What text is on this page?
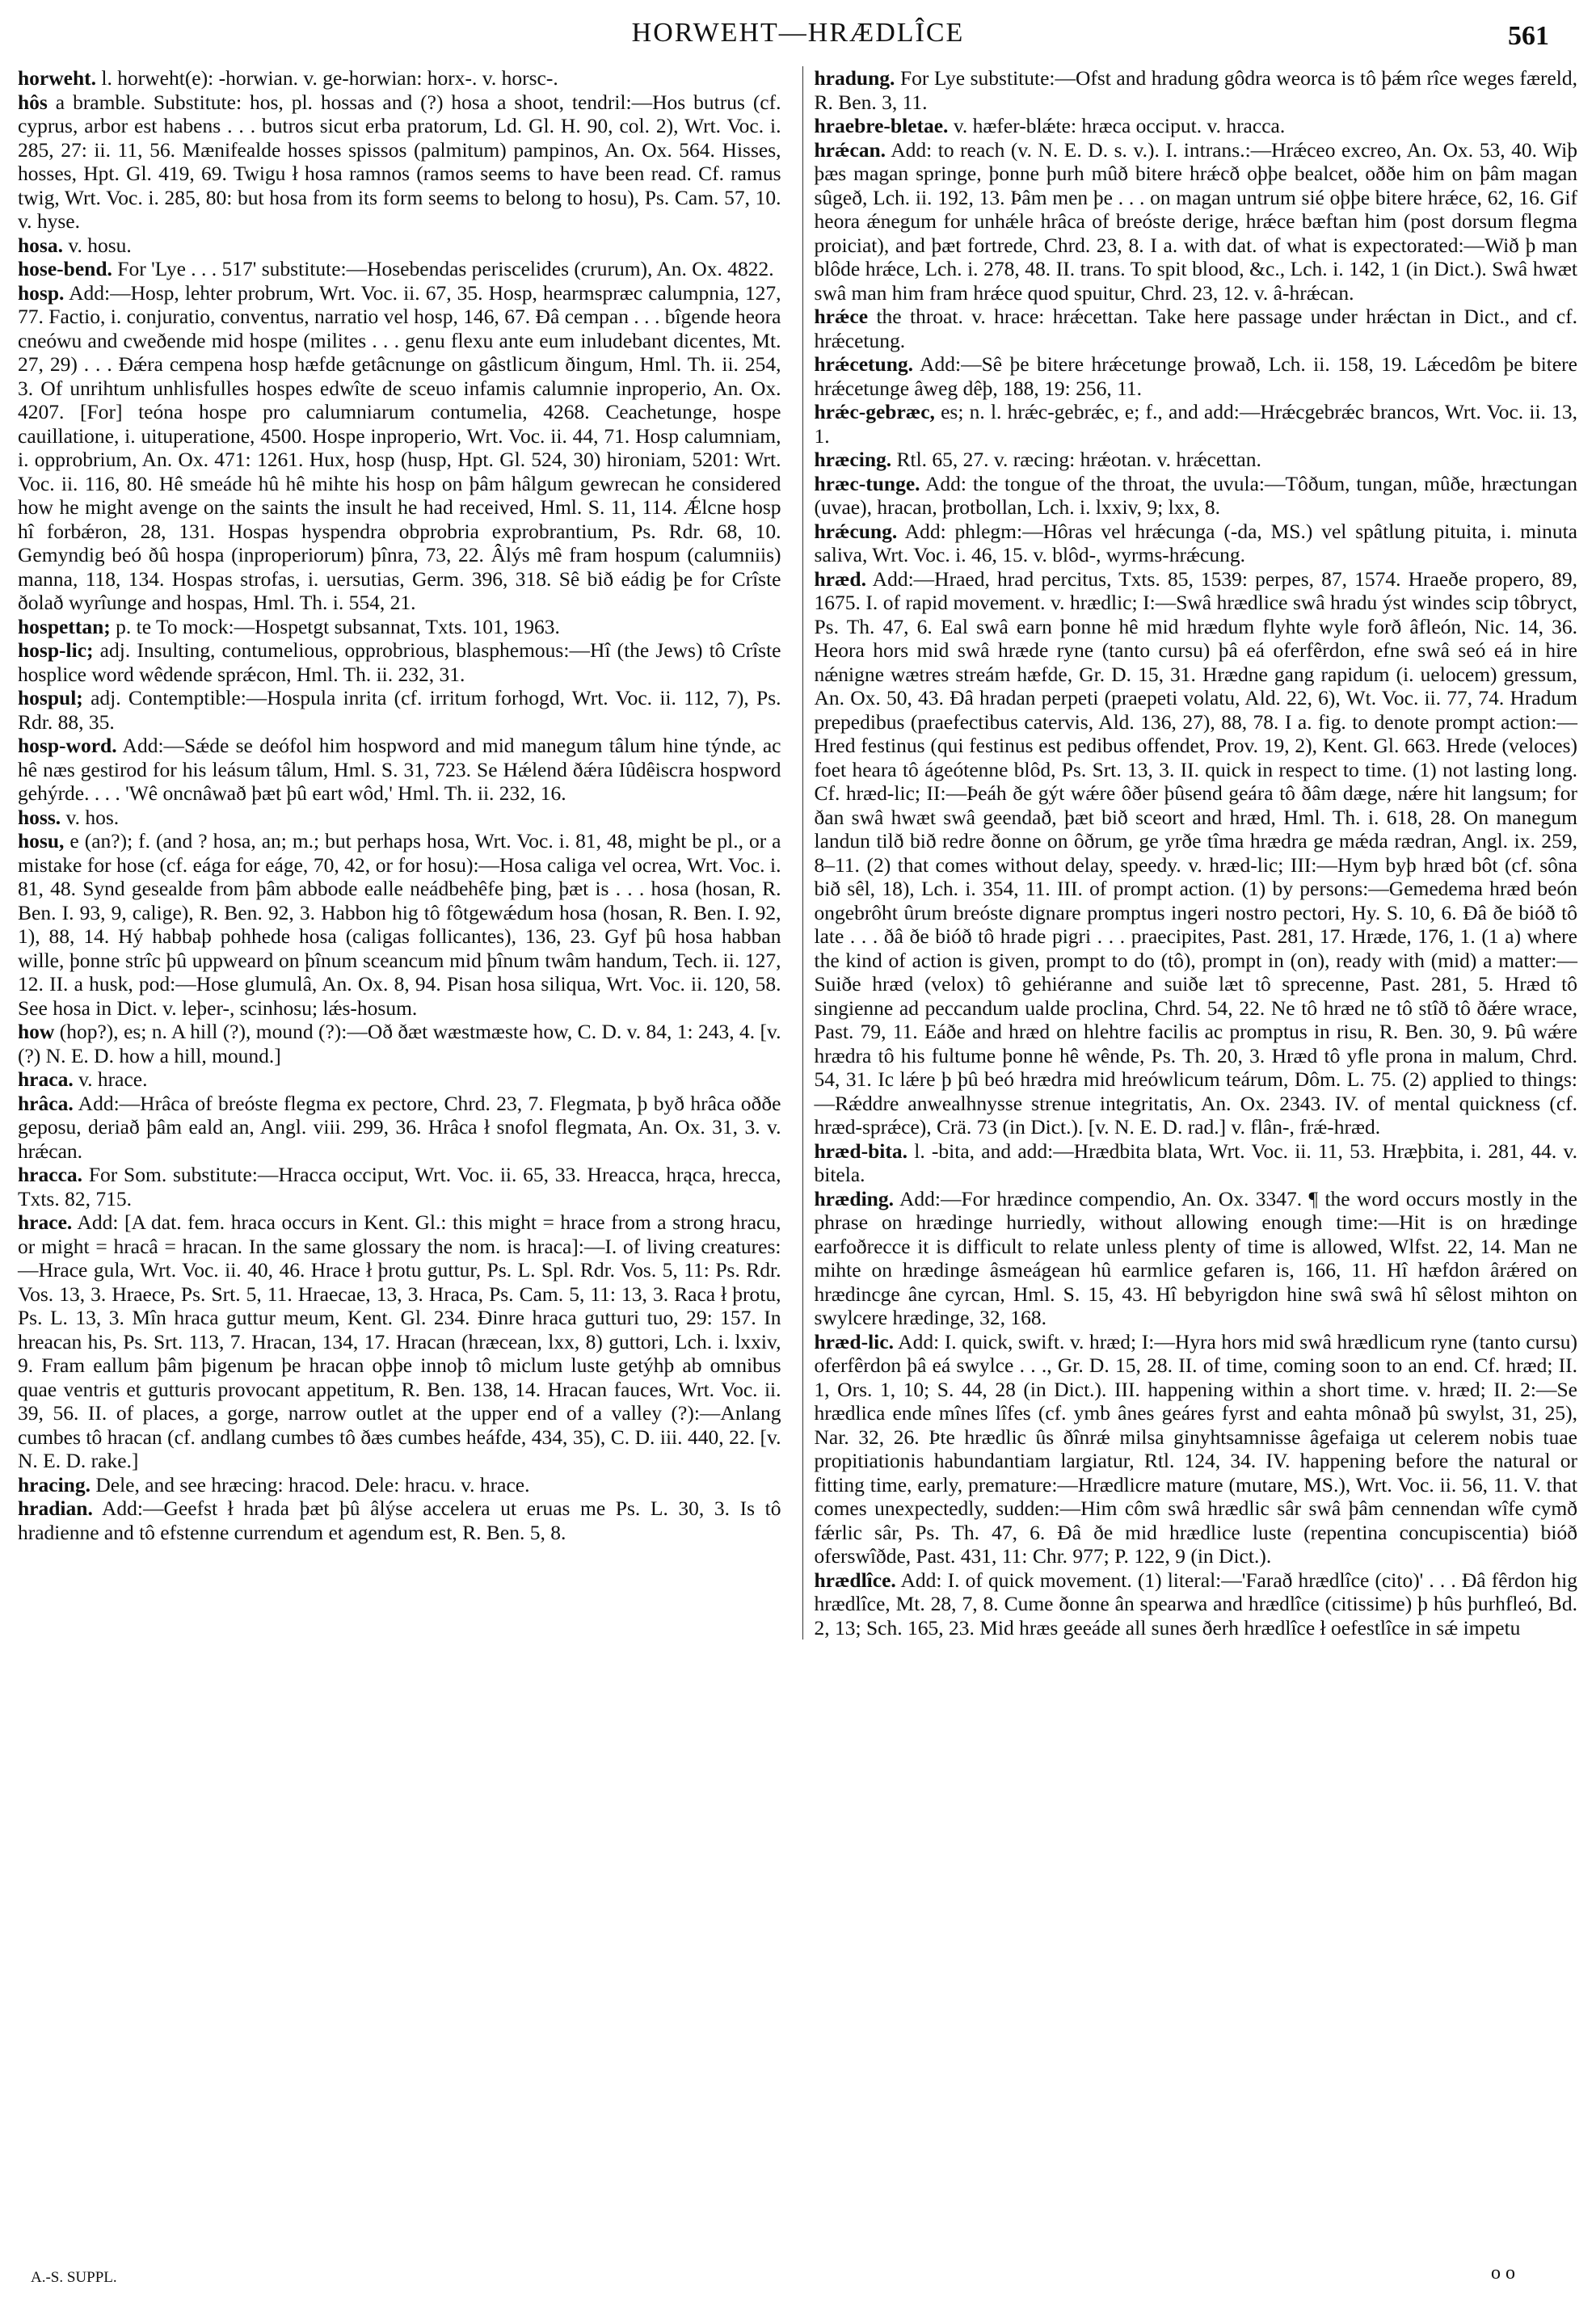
HORWEHT—HRÆDLÎCE	561

horweht. l. horweht(e): -horwian. v. ge-horwian: horx-. v. horsc-.

hôs a bramble. Substitute: hos, pl. hossas and (?) hosa a shoot, tendril:—Hos butrus (cf. cyprus, arbor est habens . . . butros sicut erba pratorum, Ld. Gl. H. 90, col. 2), Wrt. Voc. i. 285, 27: ii. 11, 56. Mænifealde hosses spissos (palmitum) pampinos, An. Ox. 564. Hisses, hosses, Hpt. Gl. 419, 69. Twigu ł hosa ramnos (ramos seems to have been read. Cf. ramus twig, Wrt. Voc. i. 285, 80: but hosa from its form seems to belong to hosu), Ps. Cam. 57, 10. v. hyse.

hosa. v. hosu.

hose-bend. For 'Lye . . . 517' substitute:—Hosebendas periscelides (crurum), An. Ox. 4822.

hosp. Add:—Hosp, lehter probrum, Wrt. Voc. ii. 67, 35. Hosp, hearmspræc calumpnia, 127, 77. Factio, i. conjuratio, conventus, narratio vel hosp, 146, 67. Ðâ cempan . . . bîgende heora cneówu and cweðende mid hospe (milites . . . genu flexu ante eum inludebant dicentes, Mt. 27, 29) . . . Ðǽra cempena hosp hæfde getâcnunge on gâstlicum ðingum, Hml. Th. ii. 254, 3. Of unrihtum unhlisfulles hospes edwîte de sceuo infamis calumnie inproperio, An. Ox. 4207. [For] teóna hospe pro calumniarum contumelia, 4268. Ceachetunge, hospe cauillatione, i. uituperatione, 4500. Hospe inproperio, Wrt. Voc. ii. 44, 71. Hosp calumniam, i. opprobrium, An. Ox. 471: 1261. Hux, hosp (husp, Hpt. Gl. 524, 30) hironiam, 5201: Wrt. Voc. ii. 116, 80. Hê smeáde hû hê mihte his hosp on þâm hâlgum gewrecan he considered how he might avenge on the saints the insult he had received, Hml. S. 11, 114. Ǽlcne hosp hî forbǽron, 28, 131. Hospas hyspendra obprobria exprobrantium, Ps. Rdr. 68, 10. Gemyndig beó ðû hospa (inproperiorum) þînra, 73, 22. Âlýs mê fram hospum (calumniis) manna, 118, 134. Hospas strofas, i. uersutias, Germ. 396, 318. Sê bið eádig þe for Crîste ðolað wyrîunge and hospas, Hml. Th. i. 554, 21.

hospettan; p. te To mock:—Hospetgt subsannat, Txts. 101, 1963.

hosp-lic; adj. Insulting, contumelious, opprobrious, blasphemous:—Hî (the Jews) tô Crîste hosplice word wêdende sprǽcon, Hml. Th. ii. 232, 31.

hospul; adj. Contemptible:—Hospula inrita (cf. irritum forhogd, Wrt. Voc. ii. 112, 7), Ps. Rdr. 88, 35.

hosp-word. Add:—Sǽde se deófol him hospword and mid manegum tâlum hine týnde, ac hê næs gestirod for his leásum tâlum, Hml. S. 31, 723. Se Hǽlend ðǽra Iûdêiscra hospword gehýrde. . . . 'Wê oncnâwað þæt þû eart wôd,' Hml. Th. ii. 232, 16.

hoss. v. hos.

hosu, e (an?); f. (and ? hosa, an; m.; but perhaps hosa, Wrt. Voc. i. 81, 48, might be pl., or a mistake for hose (cf. eága for eáge, 70, 42, or for hosu):—Hosa caliga vel ocrea, Wrt. Voc. i. 81, 48. Synd gesealde from þâm abbode ealle neádbehêfe þing, þæt is . . . hosa (hosan, R. Ben. I. 93, 9, calige), R. Ben. 92, 3. Habbon hig tô fôtgewǽdum hosa (hosan, R. Ben. I. 92, 1), 88, 14. Hý habbaþ pohhede hosa (caligas follicantes), 136, 23. Gyf þû hosa habban wille, þonne strîc þû uppweard on þînum sceancum mid þînum twâm handum, Tech. ii. 127, 12. II. a husk, pod:—Hose glumulâ, An. Ox. 8, 94. Pisan hosa siliqua, Wrt. Voc. ii. 120, 58. See hosa in Dict. v. leþer-, scinhosu; lǽs-hosum.

how (hop?), es; n. A hill (?), mound (?):—Oð ðæt wæstmæste how, C. D. v. 84, 1: 243, 4. [v. (?) N. E. D. how a hill, mound.]

hraca. v. hrace.

hrâca. Add:—Hrâca of breóste flegma ex pectore, Chrd. 23, 7. Flegmata, þ byð hrâca oððe geposu, deriað þâm eald an, Angl. viii. 299, 36. Hrâca ł snofol flegmata, An. Ox. 31, 3. v. hrǽcan.

hracca. For Som. substitute:—Hracca occiput, Wrt. Voc. ii. 65, 33. Hreacca, hrąca, hrecca, Txts. 82, 715.

hrace. Add: [A dat. fem. hraca occurs in Kent. Gl.: this might = hrace from a strong hracu, or might = hracâ = hracan. In the same glossary the nom. is hraca]:—I. of living creatures:—Hrace gula, Wrt. Voc. ii. 40, 46. Hrace ł þrotu guttur, Ps. L. Spl. Rdr. Vos. 5, 11: Ps. Rdr. Vos. 13, 3. Hraece, Ps. Srt. 5, 11. Hraecae, 13, 3. Hraca, Ps. Cam. 5, 11: 13, 3. Raca ł þrotu, Ps. L. 13, 3. Mîn hraca guttur meum, Kent. Gl. 234. Ðinre hraca gutturi tuo, 29: 157. In hreacan his, Ps. Srt. 113, 7. Hracan, 134, 17. Hracan (hræcean, lxx, 8) guttori, Lch. i. lxxiv, 9. Fram eallum þâm þigenum þe hracan oþþe innoþ tô miclum luste getýhþ ab omnibus quae ventris et gutturis provocant appetitum, R. Ben. 138, 14. Hracan fauces, Wrt. Voc. ii. 39, 56. II. of places, a gorge, narrow outlet at the upper end of a valley (?):—Anlang cumbes tô hracan (cf. andlang cumbes tô ðæs cumbes heáfde, 434, 35), C. D. iii. 440, 22. [v. N. E. D. rake.]

hracing. Dele, and see hræcing: hracod. Dele: hracu. v. hrace.

hradian. Add:—Geefst ł hrada þæt þû âlýse accelera ut eruas me Ps. L. 30, 3. Is tô hradienne and tô efstenne currendum et agendum est, R. Ben. 5, 8.

hradung. For Lye substitute:—Ofst and hradung gôdra weorca is tô þǽm rîce weges færeld, R. Ben. 3, 11.

hraebre-bletae. v. hæfer-blǽte: hræca occiput. v. hracca.

hrǽcan. Add: to reach (v. N. E. D. s. v.). I. intrans.:—Hrǽceo excreo, An. Ox. 53, 40. Wiþ þæs magan springe, þonne þurh mûð bitere hrǽcð oþþe bealcet, oððe him on þâm magan sûgeð, Lch. ii. 192, 13. Þâm men þe . . . on magan untrum sié oþþe bitere hrǽce, 62, 16. Gif heora ǽnegum for unhǽle hrâca of breóste derige, hrǽce bæftan him (post dorsum flegma proiciat), and þæt fortrede, Chrd. 23, 8. I a. with dat. of what is expectorated:—Wið þ man blôde hrǽce, Lch. i. 278, 48. II. trans. To spit blood, &c., Lch. i. 142, 1 (in Dict.). Swâ hwæt swâ man him fram hrǽce quod spuitur, Chrd. 23, 12. v. â-hrǽcan.

hrǽce the throat. v. hrace: hrǽcettan. Take here passage under hrǽctan in Dict., and cf. hrǽcetung.

hrǽcetung. Add:—Sê þe bitere hrǽcetunge þrowað, Lch. ii. 158, 19. Lǽcedôm þe bitere hrǽcetunge âweg dêþ, 188, 19: 256, 11.

hrǽc-gebræc, es; n. l. hrǽc-gebrǽc, e; f., and add:—Hrǽcgebrǽc brancos, Wrt. Voc. ii. 13, 1.

hræcing. Rtl. 65, 27. v. ræcing: hrǽotan. v. hrǽcettan.

hræc-tunge. Add: the tongue of the throat, the uvula:—Tôðum, tungan, mûðe, hræctungan (uvae), hracan, þrotbollan, Lch. i. lxxiv, 9; lxx, 8.

hrǽcung. Add: phlegm:—Hôras vel hrǽcunga (-da, MS.) vel spâtlung pituita, i. minuta saliva, Wrt. Voc. i. 46, 15. v. blôd-, wyrms-hrǽcung.

hræd. Add:—Hraed, hrad percitus, Txts. 85, 1539: perpes, 87, 1574. Hraeðe propero, 89, 1675. I. of rapid movement. v. hrædlic; I:—Swâ hrædlice swâ hradu ýst windes scip tôbryct, Ps. Th. 47, 6. Eal swâ earn þonne hê mid hrædum flyhte wyle forð âfleón, Nic. 14, 36. Heora hors mid swâ hræde ryne (tanto cursu) þâ eá oferfêrdon, efne swâ seó eá in hire nǽnigne wætres streám hæfde, Gr. D. 15, 31. Hrædne gang rapidum (i. uelocem) gressum, An. Ox. 50, 43. Ðâ hradan perpeti (praepeti volatu, Ald. 22, 6), Wt. Voc. ii. 77, 74. Hradum prepedibus (praefectibus catervis, Ald. 136, 27), 88, 78. I a. fig. to denote prompt action:—Hred festinus (qui festinus est pedibus offendet, Prov. 19, 2), Kent. Gl. 663. Hrede (veloces) foet heara tô ágeótenne blôd, Ps. Srt. 13, 3. II. quick in respect to time. (1) not lasting long. Cf. hræd-lic; II:—Þeáh ðe gýt wǽre ôðer þûsend geára tô ðâm dæge, nǽre hit langsum; for ðan swâ hwæt swâ geendað, þæt bið sceort and hræd, Hml. Th. i. 618, 28. On manegum landun tilð bið redre ðonne on ôðrum, ge yrðe tîma hrædra ge mǽda rædran, Angl. ix. 259, 8–11. (2) that comes without delay, speedy. v. hræd-lic; III:—Hym byþ hræd bôt (cf. sôna bið sêl, 18), Lch. i. 354, 11. III. of prompt action. (1) by persons:—Gemedema hræd beón ongebrôht ûrum breóste dignare promptus ingeri nostro pectori, Hy. S. 10, 6. Ðâ ðe bióð tô late . . . ðâ ðe bióð tô hrade pigri . . . praecipites, Past. 281, 17. Hræde, 176, 1. (1 a) where the kind of action is given, prompt to do (tô), prompt in (on), ready with (mid) a matter:—Suiðe hræd (velox) tô gehiéranne and suiðe læt tô sprecenne, Past. 281, 5. Hræd tô singienne ad peccandum ualde proclina, Chrd. 54, 22. Ne tô hræd ne tô stîð tô ðǽre wrace, Past. 79, 11. Eáðe and hræd on hlehtre facilis ac promptus in risu, R. Ben. 30, 9. Þû wǽre hrædra tô his fultume þonne hê wênde, Ps. Th. 20, 3. Hræd tô yfle prona in malum, Chrd. 54, 31. Ic lǽre þ þû beó hrædra mid hreówlicum teárum, Dôm. L. 75. (2) applied to things:—Rǽddre anwealhnysse strenue integritatis, An. Ox. 2343. IV. of mental quickness (cf. hræd-sprǽce), Crä. 73 (in Dict.). [v. N. E. D. rad.] v. flân-, frǽ-hræd.

hræd-bita. l. -bita, and add:—Hrædbita blata, Wrt. Voc. ii. 11, 53. Hræþbita, i. 281, 44. v. bitela.

hræding. Add:—For hrædince compendio, An. Ox. 3347. ¶ the word occurs mostly in the phrase on hrædinge hurriedly, without allowing enough time:—Hit is on hrædinge earfoðrecce it is difficult to relate unless plenty of time is allowed, Wlfst. 22, 14. Man ne mihte on hrædinge âsmeágean hû earmlice gefaren is, 166, 11. Hî hæfdon ârǽred on hrædincge âne cyrcan, Hml. S. 15, 43. Hî bebyrigdon hine swâ swâ hî sêlost mihton on swylcere hrædinge, 32, 168.

hræd-lic. Add: I. quick, swift. v. hræd; I:—Hyra hors mid swâ hrædlicum ryne (tanto cursu) oferfêrdon þâ eá swylce . . ., Gr. D. 15, 28. II. of time, coming soon to an end. Cf. hræd; II. 1, Ors. 1, 10; S. 44, 28 (in Dict.). III. happening within a short time. v. hræd; II. 2:—Se hrædlica ende mînes lîfes (cf. ymb ânes geáres fyrst and eahta mônað þû swylst, 31, 25), Nar. 32, 26. Þte hrædlic ûs ðînrǽ milsa ginyhtsamnisse âgefaiga ut celerem nobis tuae propitiationis habundantiam largiatur, Rtl. 124, 34. IV. happening before the natural or fitting time, early, premature:—Hrædlicre mature (mutare, MS.), Wrt. Voc. ii. 56, 11. V. that comes unexpectedly, sudden:—Him côm swâ hrædlic sâr swâ þâm cennendan wîfe cymð fǽrlic sâr, Ps. Th. 47, 6. Ðâ ðe mid hrædlice luste (repentina concupiscentia) bióð oferswîðde, Past. 431, 11: Chr. 977; P. 122, 9 (in Dict.).

hrædlîce. Add: I. of quick movement. (1) literal:—'Farað hrædlîce (cito)' . . . Ðâ fêrdon hig hrædlîce, Mt. 28, 7, 8. Cume ðonne ân spearwa and hrædlîce (citissime) þ hûs þurhfleó, Bd. 2, 13; Sch. 165, 23. Mid hræs geeáde all sunes ðerh hrædlîce ł oefestlîce in sǽ impetu

A.-S. SUPPL.	o o
